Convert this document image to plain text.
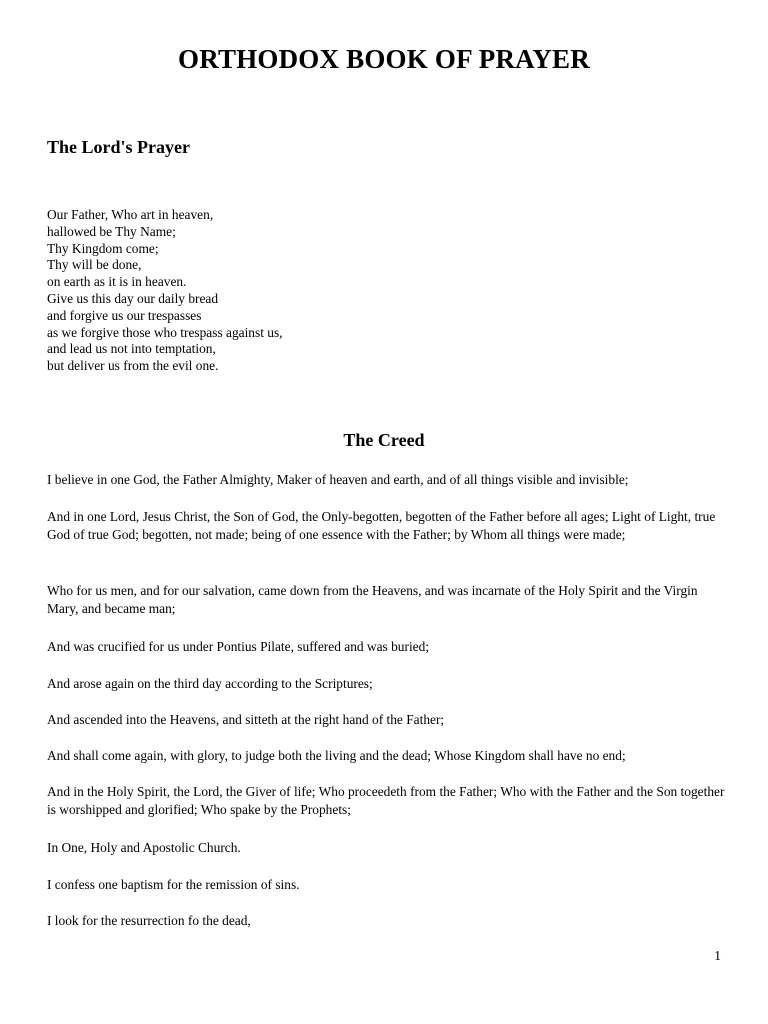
ORTHODOX BOOK OF PRAYER
The Lord's Prayer
Our Father, Who art in heaven,
hallowed be Thy Name;
Thy Kingdom come;
Thy will be done,
on earth as it is in heaven.
Give us this day our daily bread
and forgive us our trespasses
as we forgive those who trespass against us,
and lead us not into temptation,
but deliver us from the evil one.
The Creed
I believe in one God, the Father Almighty, Maker of heaven and earth, and of all things visible and invisible;
And in one Lord, Jesus Christ, the Son of God, the Only-begotten, begotten of the Father before all ages; Light of Light, true God of true God; begotten, not made; being of one essence with the Father; by Whom all things were made;
Who for us men, and for our salvation, came down from the Heavens, and was incarnate of the Holy Spirit and the Virgin Mary, and became man;
And was crucified for us under Pontius Pilate, suffered and was buried;
And arose again on the third day according to the Scriptures;
And ascended into the Heavens, and sitteth at the right hand of the Father;
And shall come again, with glory, to judge both the living and the dead; Whose Kingdom shall have no end;
And in the Holy Spirit, the Lord, the Giver of life; Who proceedeth from the Father; Who with the Father and the Son together is worshipped and glorified; Who spake by the Prophets;
In One, Holy and Apostolic Church.
I confess one baptism for the remission of sins.
I look for the resurrection fo the dead,
1
